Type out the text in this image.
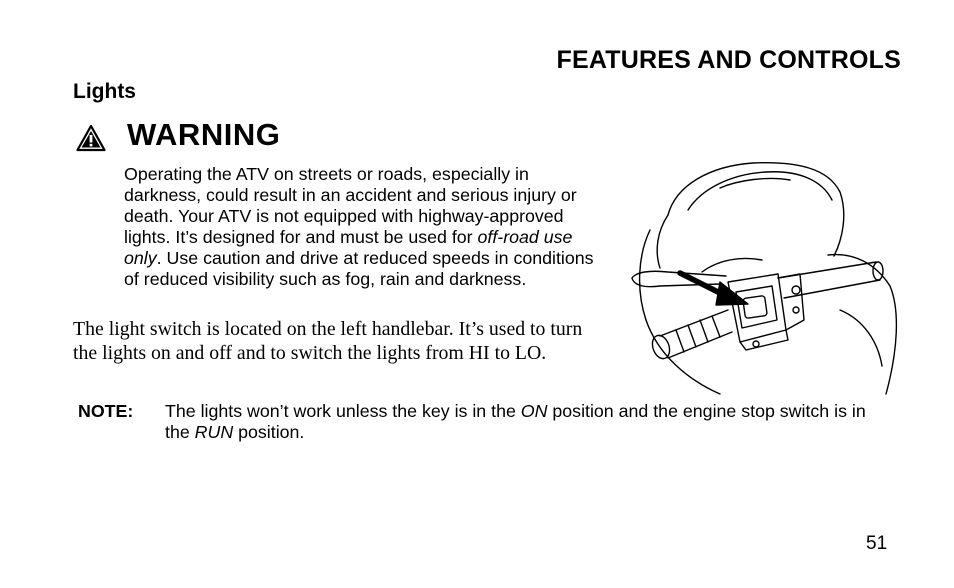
FEATURES AND CONTROLS
Lights
WARNING
Operating the ATV on streets or roads, especially in darkness, could result in an accident and serious injury or death. Your ATV is not equipped with highway-approved lights. It’s designed for and must be used for off-road use only. Use caution and drive at reduced speeds in conditions of reduced visibility such as fog, rain and darkness.
The light switch is located on the left handlebar. It’s used to turn the lights on and off and to switch the lights from HI to LO.
NOTE: The lights won’t work unless the key is in the ON position and the engine stop switch is in the RUN position.
51
